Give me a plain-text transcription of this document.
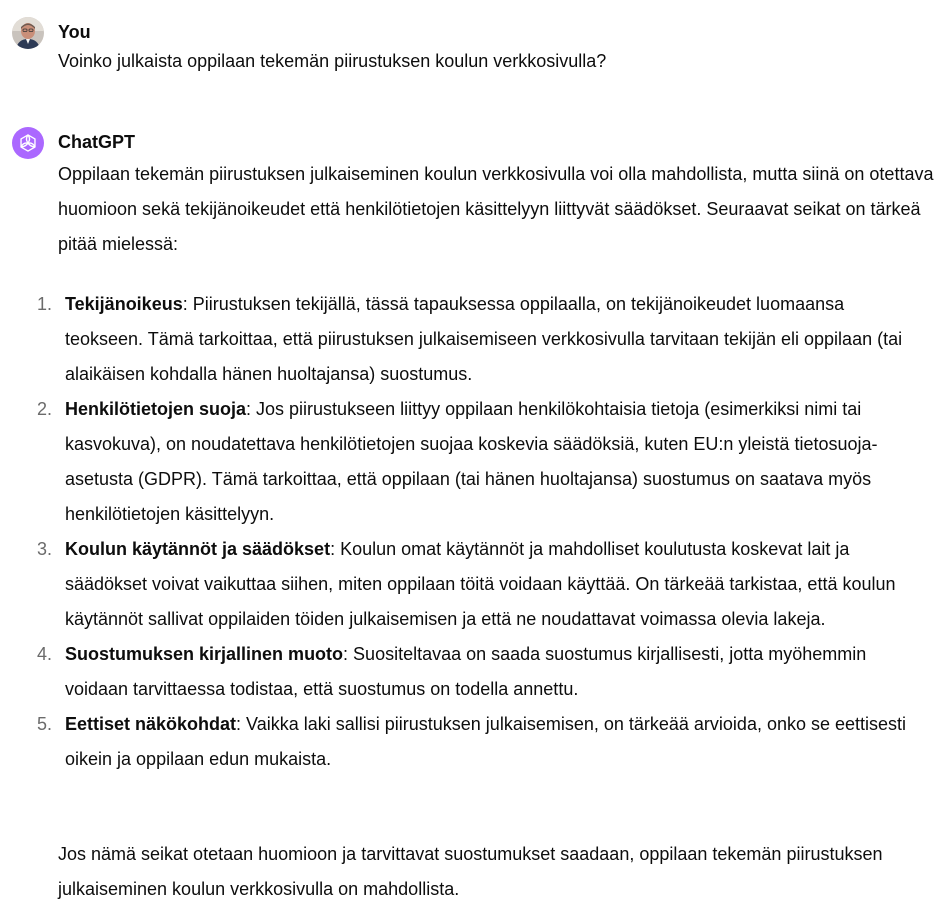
You
Voinko julkaista oppilaan tekemän piirustuksen koulun verkkosivulla?
ChatGPT
Oppilaan tekemän piirustuksen julkaiseminen koulun verkkosivulla voi olla mahdollista, mutta siinä on otettava huomioon sekä tekijänoikeudet että henkilötietojen käsittelyyn liittyvät säädökset. Seuraavat seikat on tärkeä pitää mielessä:
1. Tekijänoikeus: Piirustuksen tekijällä, tässä tapauksessa oppilaalla, on tekijänoikeudet luomaansa teokseen. Tämä tarkoittaa, että piirustuksen julkaisemiseen verkkosivulla tarvitaan tekijän eli oppilaan (tai alaikäisen kohdalla hänen huoltajansa) suostumus.
2. Henkilötietojen suoja: Jos piirustukseen liittyy oppilaan henkilökohtaisia tietoja (esimerkiksi nimi tai kasvokuva), on noudatettava henkilötietojen suojaa koskevia säädöksiä, kuten EU:n yleistä tietosuoja-asetusta (GDPR). Tämä tarkoittaa, että oppilaan (tai hänen huoltajansa) suostumus on saatava myös henkilötietojen käsittelyyn.
3. Koulun käytännöt ja säädökset: Koulun omat käytännöt ja mahdolliset koulutusta koskevat lait ja säädökset voivat vaikuttaa siihen, miten oppilaan töitä voidaan käyttää. On tärkeää tarkistaa, että koulun käytännöt sallivat oppilaiden töiden julkaisemisen ja että ne noudattavat voimassa olevia lakeja.
4. Suostumuksen kirjallinen muoto: Suositeltavaa on saada suostumus kirjallisesti, jotta myöhemmin voidaan tarvittaessa todistaa, että suostumus on todella annettu.
5. Eettiset näkökohdat: Vaikka laki sallisi piirustuksen julkaisemisen, on tärkeää arvioida, onko se eettisesti oikein ja oppilaan edun mukaista.
Jos nämä seikat otetaan huomioon ja tarvittavat suostumukset saadaan, oppilaan tekemän piirustuksen julkaiseminen koulun verkkosivulla on mahdollista.
